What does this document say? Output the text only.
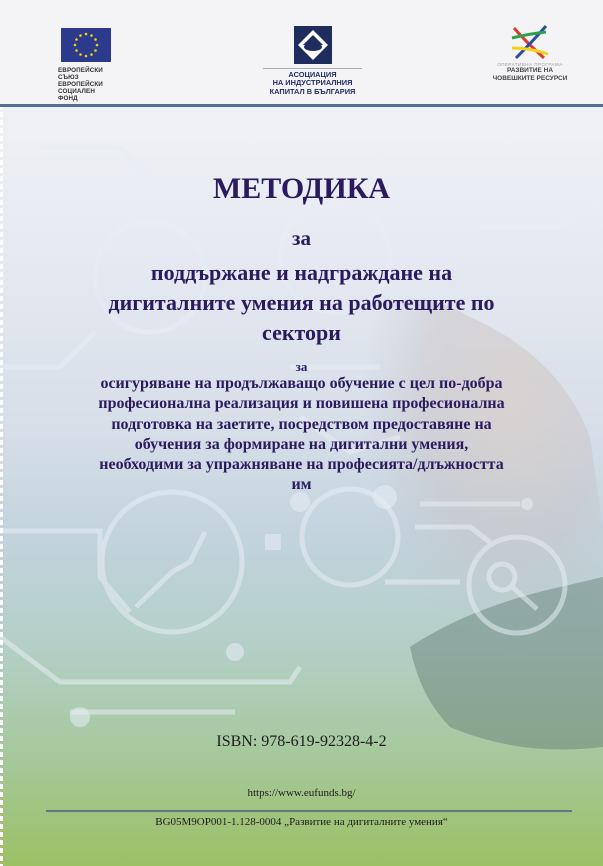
ЕВРОПЕЙСКИ СЪЮЗ
ЕВРОПЕЙСКИ
СОЦИАЛЕН ФОНД
АСОЦИАЦИЯ
НА ИНДУСТРИАЛНИЯ
КАПИТАЛ В БЪЛГАРИЯ
ОПЕРАТИВНА ПРОГРАМА
РАЗВИТИЕ НА
ЧОВЕШКИТЕ РЕСУРСИ
МЕТОДИКА
за
поддържане и надграждане на
дигиталните умения на работещите по
сектори
за
осигуряване на продължаващо обучение с цел по-добра
професионална реализация и повишена професионална
подготовка на заетите, посредством предоставяне на
обучения за формиране на дигитални умения,
необходими за упражняване на професията/длъжността
им
ISBN: 978-619-92328-4-2
https://www.eufunds.bg/
BG05M9OP001-1.128-0004 „Развитие на дигиталните умения“
